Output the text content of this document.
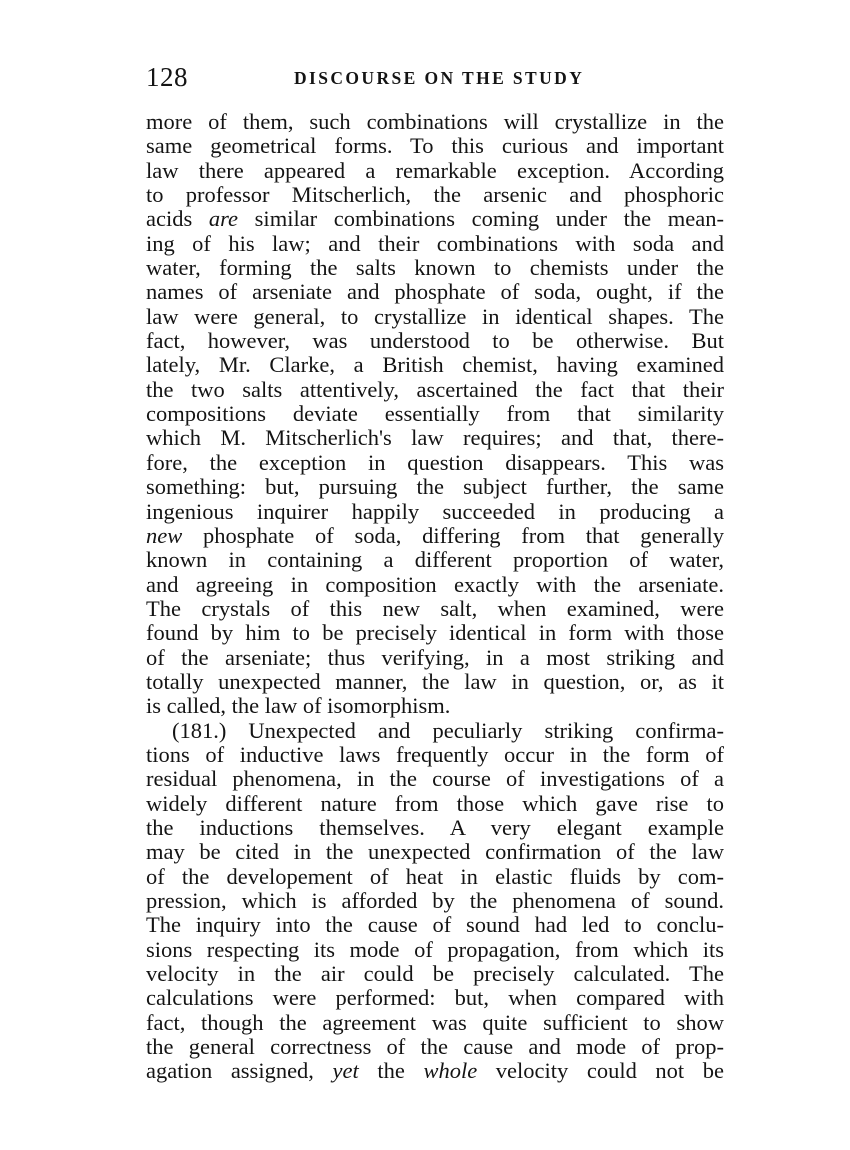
128	DISCOURSE ON THE STUDY
more of them, such combinations will crystallize in the
same geometrical forms. To this curious and important
law there appeared a remarkable exception. According
to professor Mitscherlich, the arsenic and phosphoric
acids are similar combinations coming under the mean-
ing of his law; and their combinations with soda and
water, forming the salts known to chemists under the
names of arseniate and phosphate of soda, ought, if the
law were general, to crystallize in identical shapes. The
fact, however, was understood to be otherwise. But
lately, Mr. Clarke, a British chemist, having examined
the two salts attentively, ascertained the fact that their
compositions deviate essentially from that similarity
which M. Mitscherlich's law requires; and that, there-
fore, the exception in question disappears. This was
something: but, pursuing the subject further, the same
ingenious inquirer happily succeeded in producing a
new phosphate of soda, differing from that generally
known in containing a different proportion of water,
and agreeing in composition exactly with the arseniate.
The crystals of this new salt, when examined, were
found by him to be precisely identical in form with those
of the arseniate; thus verifying, in a most striking and
totally unexpected manner, the law in question, or, as it
is called, the law of isomorphism.
(181.) Unexpected and peculiarly striking confirma-
tions of inductive laws frequently occur in the form of
residual phenomena, in the course of investigations of a
widely different nature from those which gave rise to
the inductions themselves. A very elegant example
may be cited in the unexpected confirmation of the law
of the developement of heat in elastic fluids by com-
pression, which is afforded by the phenomena of sound.
The inquiry into the cause of sound had led to conclu-
sions respecting its mode of propagation, from which its
velocity in the air could be precisely calculated. The
calculations were performed: but, when compared with
fact, though the agreement was quite sufficient to show
the general correctness of the cause and mode of prop-
agation assigned, yet the whole velocity could not be
